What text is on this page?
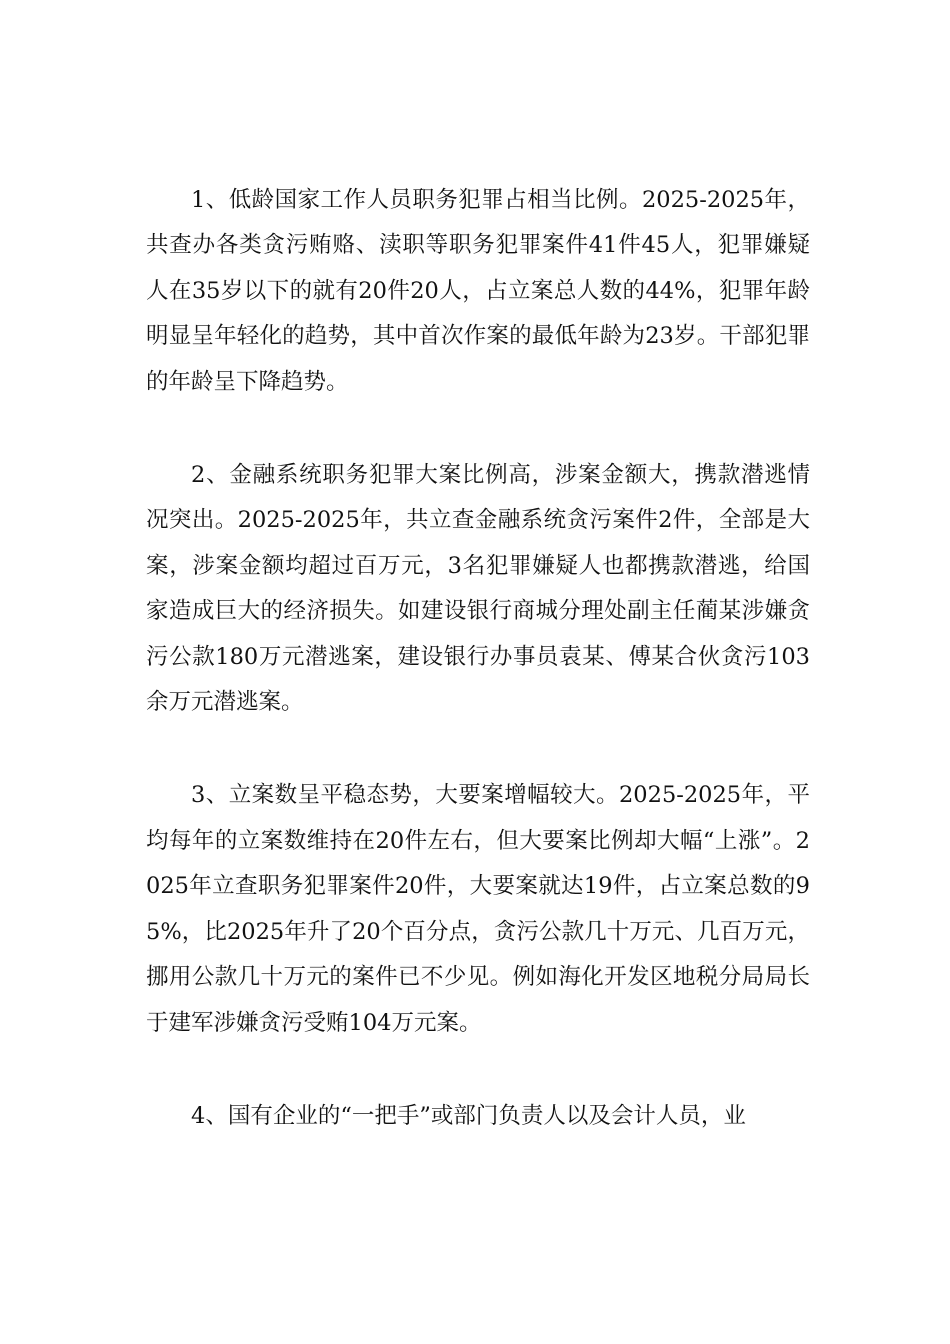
1、低龄国家工作人员职务犯罪占相当比例。2025-2025年，共查办各类贪污贿赂、渎职等职务犯罪案件41件45人，犯罪嫌疑人在35岁以下的就有20件20人，占立案总人数的44%，犯罪年龄明显呈年轻化的趋势，其中首次作案的最低年龄为23岁。干部犯罪的年龄呈下降趋势。

2、金融系统职务犯罪大案比例高，涉案金额大，携款潜逃情况突出。2025-2025年，共立查金融系统贪污案件2件，全部是大案，涉案金额均超过百万元，3名犯罪嫌疑人也都携款潜逃，给国家造成巨大的经济损失。如建设银行商城分理处副主任蔺某涉嫌贪污公款180万元潜逃案，建设银行办事员袁某、傅某合伙贪污103余万元潜逃案。

3、立案数呈平稳态势，大要案增幅较大。2025-2025年，平均每年的立案数维持在20件左右，但大要案比例却大幅“上涨”。2025年立查职务犯罪案件20件，大要案就达19件，占立案总数的95%，比2025年升了20个百分点，贪污公款几十万元、几百万元，挪用公款几十万元的案件已不少见。例如海化开发区地税分局局长于建军涉嫌贪污受贿104万元案。

4、国有企业的“一把手”或部门负责人以及会计人员，业
